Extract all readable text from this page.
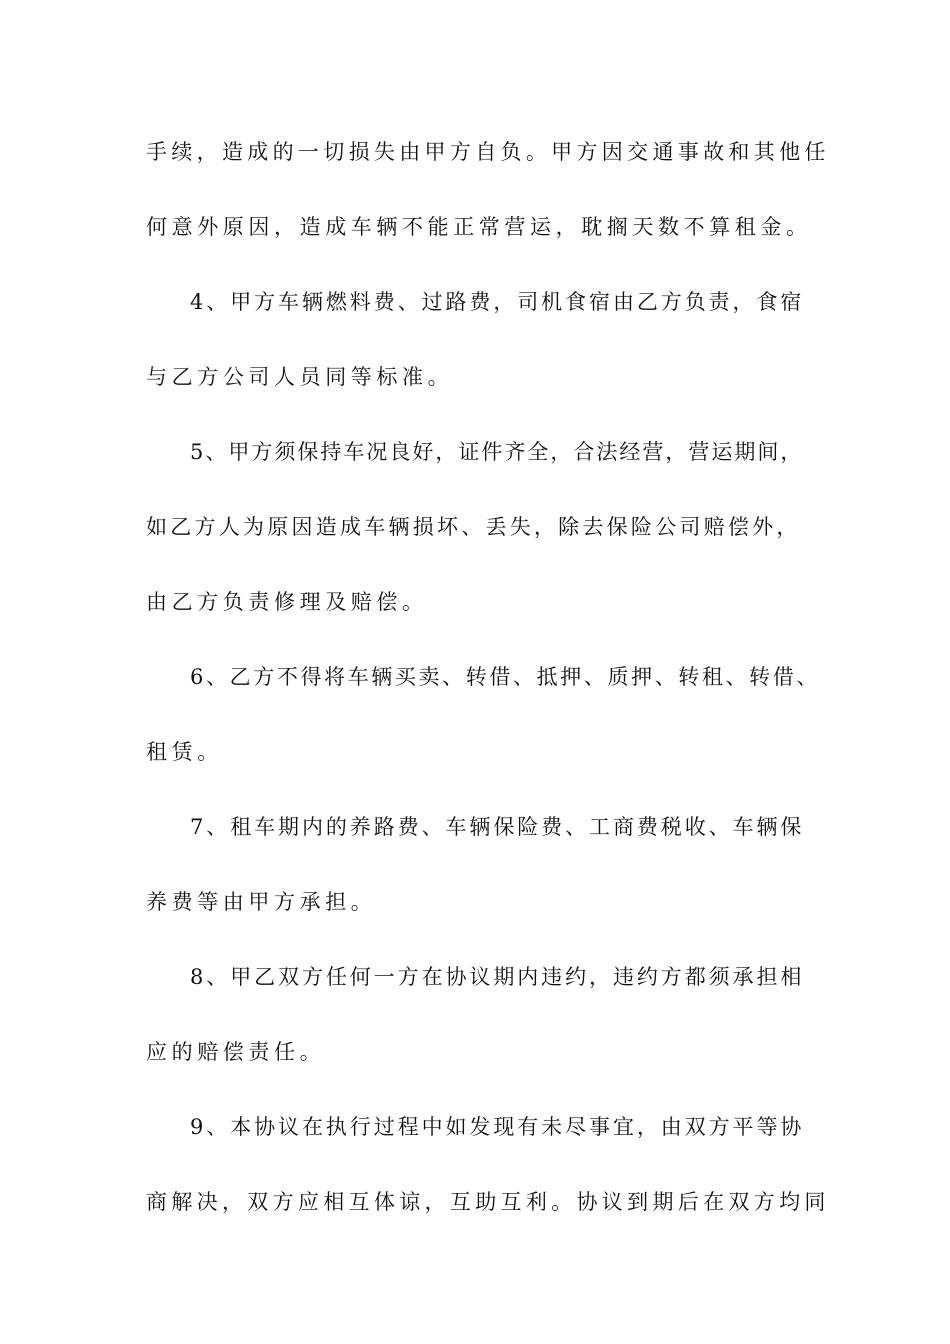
手续，造成的一切损失由甲方自负。甲方因交通事故和其他任
何意外原因，造成车辆不能正常营运，耽搁天数不算租金。
4、甲方车辆燃料费、过路费，司机食宿由乙方负责，食宿
与乙方公司人员同等标准。
5、甲方须保持车况良好，证件齐全，合法经营，营运期间，
如乙方人为原因造成车辆损坏、丢失，除去保险公司赔偿外，
由乙方负责修理及赔偿。
6、乙方不得将车辆买卖、转借、抵押、质押、转租、转借、
租赁。
7、租车期内的养路费、车辆保险费、工商费税收、车辆保
养费等由甲方承担。
8、甲乙双方任何一方在协议期内违约，违约方都须承担相
应的赔偿责任。
9、本协议在执行过程中如发现有未尽事宜，由双方平等协
商解决，双方应相互体谅，互助互利。协议到期后在双方均同
